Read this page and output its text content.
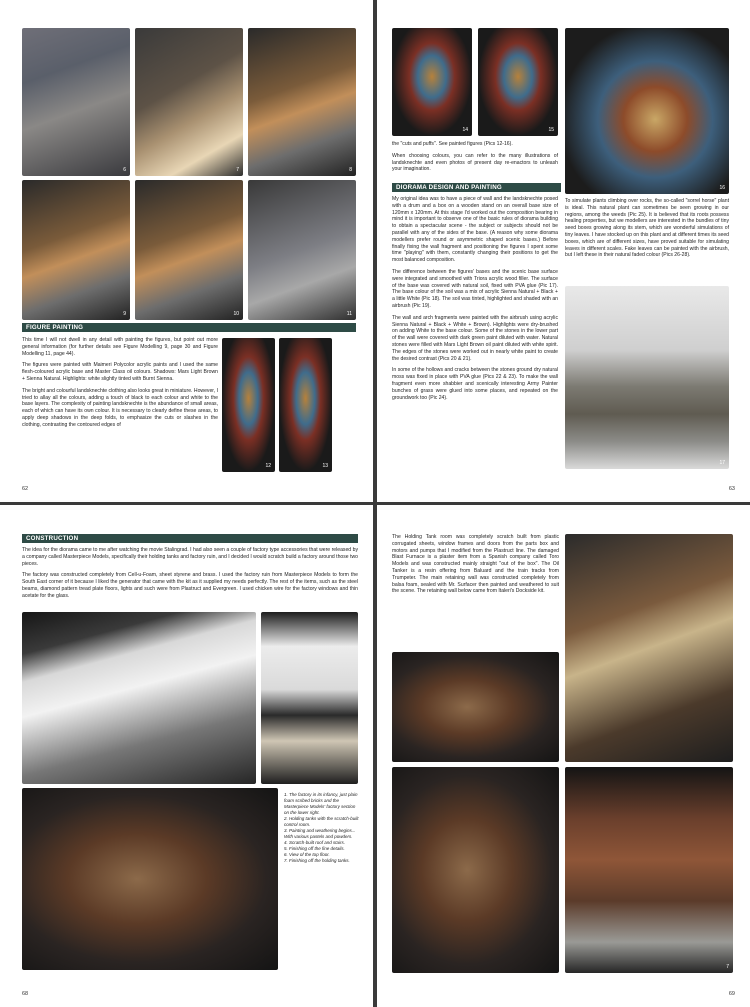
6	7	8
9	10	11
FIGURE PAINTING

This time I will not dwell in any detail with painting the figures, but point out more general information (for further details see Figure Modelling 9, page 30 and Figure Modelling 11, page 44).

The figures were painted with Maimeri Polycolor acrylic paints and I used the same flesh-coloured acrylic base and Master Class oil colours. Shadows: Mars Light Brown + Sienna Natural. Highlights: white slightly tinted with Burnt Sienna.

The bright and colourful landsknechte clothing also looks great in miniature. However, I tried to allay all the colours, adding a touch of black to each colour and white to the base layers. The complexity of painting landsknechte is the abundance of small areas, each of which can have its own colour. It is necessary to clearly define these areas, to apply deep shadows in the deep folds, to emphasize the cuts or slashes in the clothing, contrasting the contoured edges of

12	13
62
14	15
16

the "cuts and puffs". See painted figures (Pics 12-16).

When choosing colours, you can refer to the many illustrations of landsknechte and even photos of present day re-enactors to unleash your imagination.

DIORAMA DESIGN AND PAINTING

My original idea was to have a piece of wall and the landsknechte posed with a drum and a box on a wooden stand on an overall base size of 120mm x 120mm. At this stage I'd worked out the composition bearing in mind it is important to observe one of the basic rules of diorama building to obtain a spectacular scene - the subject or subjects should not be parallel with any of the sides of the base. (A reason why some diorama modellers prefer round or asymmetric shaped scenic bases.) Before finally fixing the wall fragment and positioning the figures I spent some time "playing" with them, constantly changing their positions to get the most balanced composition.

The difference between the figures' bases and the scenic base surface were integrated and smoothed with Triora acrylic wood filler. The surface of the base was covered with natural soil, fixed with PVA glue (Pic 17). The base colour of the soil was a mix of acrylic Sienna Natural + Black + a little White (Pic 18). The soil was tinted, highlighted and shaded with an airbrush (Pic 19).

The wall and arch fragments were painted with the airbrush using acrylic Sienna Natural + Black + White + Brown). Highlights were dry-brushed on adding White to the base colour. Some of the stones in the lower part of the wall were covered with dark green paint diluted with water. Natural stones were filled with Mars Light Brown oil paint diluted with white spirit. The edges of the stones were worked out in nearly white paint to create the desired contrast (Pics 20 & 21).

In some of the hollows and cracks between the stones ground dry natural moss was fixed in place with PVA glue (Pics 22 & 23). To make the wall fragment even more shabbier and scenically interesting Army Painter bunches of grass were glued into some places, and repeated on the groundwork too (Pic 24).

To simulate plants climbing over rocks, the so-called "sorrel horse" plant is ideal. This natural plant can sometimes be seen growing in our regions, among the weeds (Pic 25). It is believed that its roots possess healing properties, but we modellers are interested in the bundles of tiny seed boxes growing along its stem, which are wonderful simulations of tiny leaves. I have stocked up on this plant and at different times its seed boxes, which are of different sizes, have proved suitable for simulating leaves in different scales. Fake leaves can be painted with the airbrush, but I left these in their natural faded colour (Pics 26-28).

17
63
CONSTRUCTION

The idea for the diorama came to me after watching the movie Stalingrad. I had also seen a couple of factory type accessories that were released by a company called Masterpiece Models, specifically their holding tanks and factory ruin, and I decided I would scratch build a factory around those two pieces.

The factory was constructed completely from Cell-u-Foam, sheet styrene and brass. I used the factory ruin from Masterpiece Models to form the South East corner of it because I liked the generator that came with the kit as it supplied my needs perfectly. The rest of the items, such as the steel beams, diamond pattern tread plate floors, lights and such were from Plastruct and Evergreen. I used chicken wire for the factory windows and thin acetate for the glass.

1. The factory in its infancy, just plain foam scribed bricks and the Masterpiece Models' factory section on the lower right.
2. Holding tanks with the scratch-built control room.
3. Painting and weathering begins... With various pastels and powders.
4. Scratch-built roof and stairs.
5. Finishing off the fine details.
6. View of the top floor.
7. Finishing off the holding tanks.
68

The Holding Tank room was completely scratch built from plastic corrugated sheets, window frames and doors from the parts box and motors and pumps that I modified from the Plastruct line. The damaged Blast Furnace is a plaster item from a Spanish company called Toro Models and was constructed mainly straight "out of the box". The Oil Tanker is a resin offering from Baluard and the train tracks from Trumpeter. The main retaining wall was constructed completely from balsa foam, sealed with Mr. Surfacer then painted and weathered to suit the scene. The retaining wall below came from Italeri's Dockside kit.

7
69
